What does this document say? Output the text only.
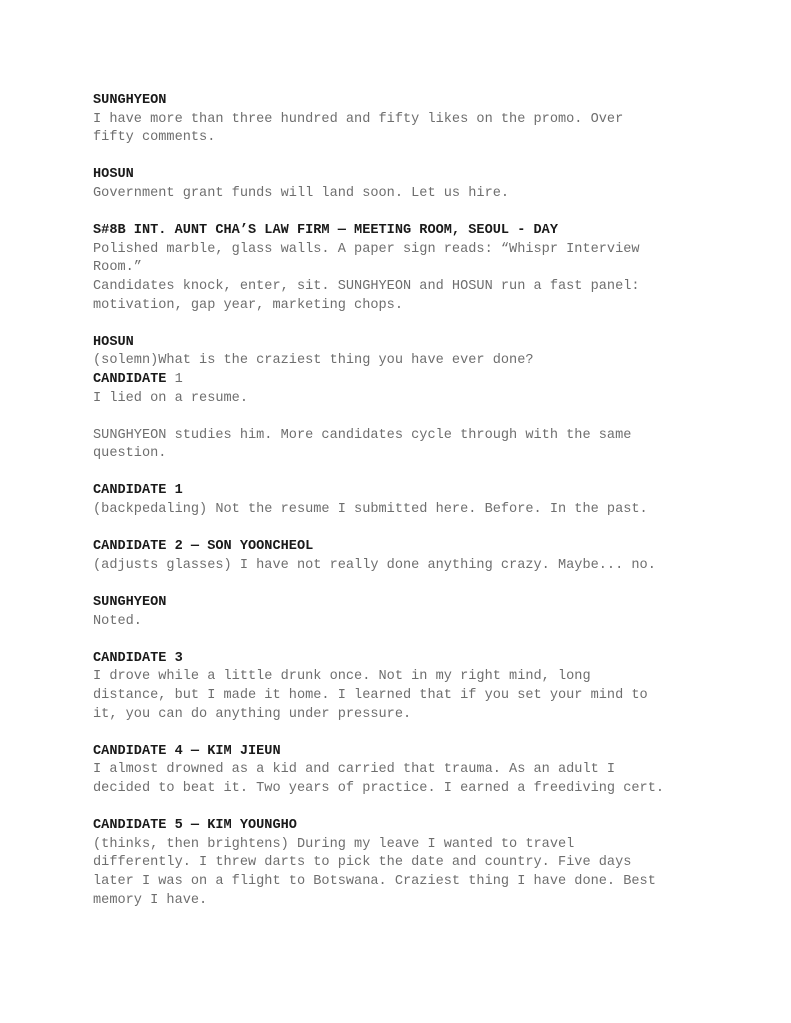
SUNGHYEON
I have more than three hundred and fifty likes on the promo. Over
fifty comments.
HOSUN
Government grant funds will land soon. Let us hire.
S#8B INT. AUNT CHA’S LAW FIRM — MEETING ROOM, SEOUL - DAY
Polished marble, glass walls. A paper sign reads: “Whispr Interview
Room.”
Candidates knock, enter, sit. SUNGHYEON and HOSUN run a fast panel:
motivation, gap year, marketing chops.
HOSUN
(solemn)What is the craziest thing you have ever done?
CANDIDATE 1
I lied on a resume.
SUNGHYEON studies him. More candidates cycle through with the same
question.
CANDIDATE 1
(backpedaling) Not the resume I submitted here. Before. In the past.
CANDIDATE 2 — SON YOONCHEOL
(adjusts glasses) I have not really done anything crazy. Maybe... no.
SUNGHYEON
Noted.
CANDIDATE 3
I drove while a little drunk once. Not in my right mind, long
distance, but I made it home. I learned that if you set your mind to
it, you can do anything under pressure.
CANDIDATE 4 — KIM JIEUN
I almost drowned as a kid and carried that trauma. As an adult I
decided to beat it. Two years of practice. I earned a freediving cert.
CANDIDATE 5 — KIM YOUNGHO
(thinks, then brightens) During my leave I wanted to travel
differently. I threw darts to pick the date and country. Five days
later I was on a flight to Botswana. Craziest thing I have done. Best
memory I have.
